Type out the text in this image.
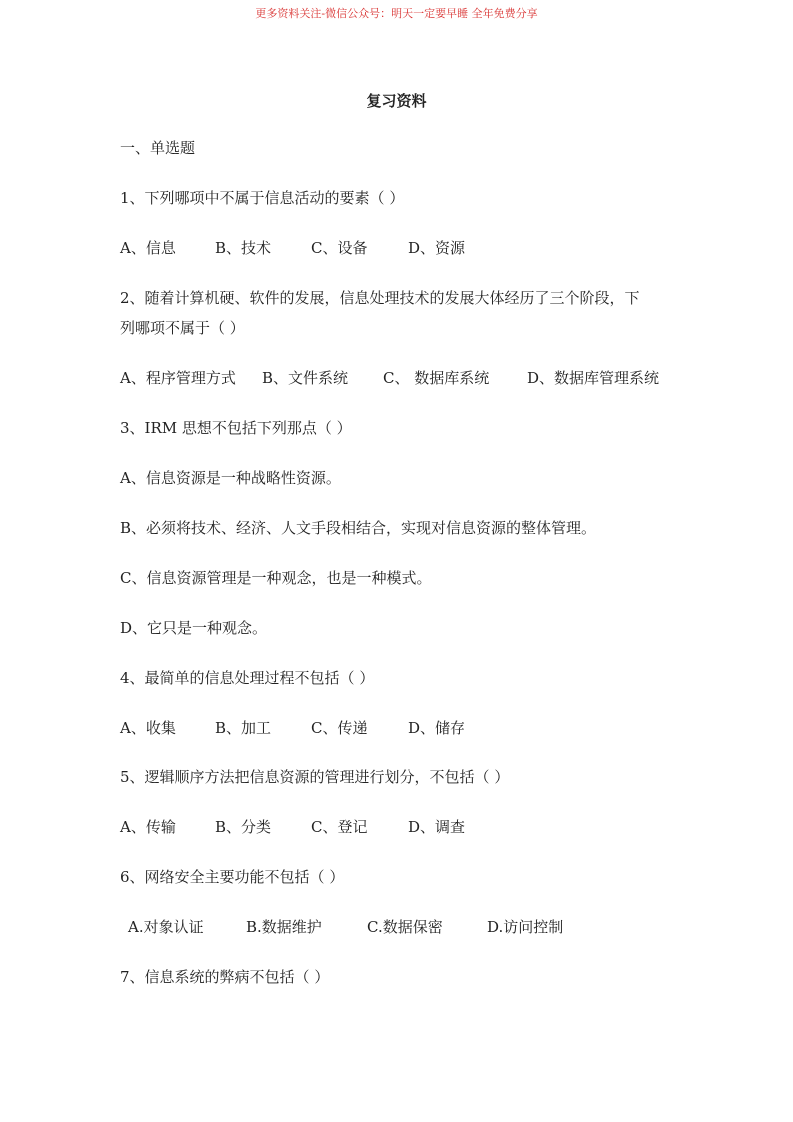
更多资料关注-微信公众号：明天一定要早睡 全年免费分享
复习资料
一、单选题
1、下列哪项中不属于信息活动的要素（ ）
A、信息	B、技术	C、设备	D、资源
2、随着计算机硬、软件的发展，信息处理技术的发展大体经历了三个阶段，下
列哪项不属于（ ）
A、程序管理方式 B、文件系统 C、 数据库系统	D、数据库管理系统
3、IRM 思想不包括下列那点（ ）
A、信息资源是一种战略性资源。
B、必须将技术、经济、人文手段相结合，实现对信息资源的整体管理。
C、信息资源管理是一种观念，也是一种模式。
D、它只是一种观念。
4、最简单的信息处理过程不包括（ ）
A、收集	B、加工	C、传递	D、储存
5、逻辑顺序方法把信息资源的管理进行划分，不包括（ ）
A、传输	B、分类	C、登记	D、调查
6、网络安全主要功能不包括（ ）
A.对象认证	B.数据维护	C.数据保密	D.访问控制
7、信息系统的弊病不包括（ ）
